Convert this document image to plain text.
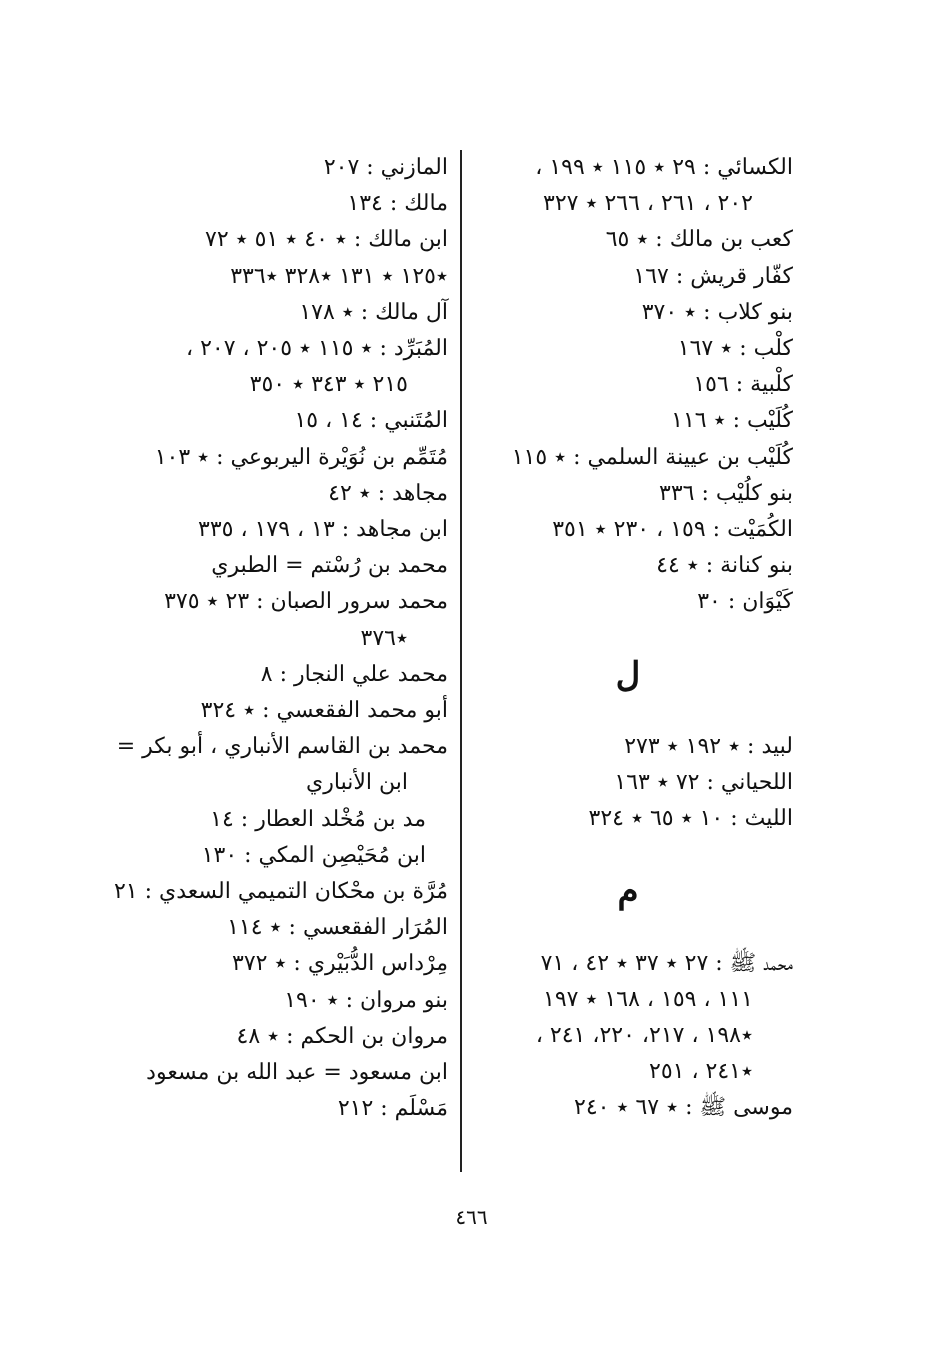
الكسائي : ٢٩ ٭ ١١٥ ٭ ١٩٩ ،
٢٠٢ ، ٢٦١ ، ٢٦٦ ٭ ٣٢٧
كعب بن مالك : ٭ ٦٥
كفّار قريش : ١٦٧
بنو كلاب : ٭ ٣٧٠
كلْب : ٭ ١٦٧
كلْبية : ١٥٦
كُلَيْب : ٭ ١١٦
كُلَيْب بن عيينة السلمي : ٭ ١١٥
بنو كلُيْب : ٣٣٦
الكُمَيْت : ١٥٩ ، ٢٣٠ ٭ ٣٥١
بنو كنانة : ٭ ٤٤
كَيْوَان : ٣٠
ل
لبيد : ٭ ١٩٢ ٭ ٢٧٣
اللحياني : ٧٢ ٭ ١٦٣
الليث : ١٠ ٭ ٦٥ ٭ ٣٢٤
م
محمد ﷺ : ٢٧ ٭ ٣٧ ٭ ٤٢ ، ٧١
١١١ ، ١٥٩ ، ١٦٨ ٭ ١٩٧
٭١٩٨ ، ٢١٧، ٢٢٠، ٢٤١ ،
٭٢٤١ ، ٢٥١
موسى ﷺ : ٭ ٦٧ ٭ ٢٤٠
المازني : ٢٠٧
مالك : ١٣٤
ابن مالك : ٭ ٤٠ ٭ ٥١ ٭ ٧٢
٭١٢٥ ٭ ١٣١ ٭٣٢٨ ٭٣٣٦
آل مالك : ٭ ١٧٨
المُبَرِّد : ٭ ١١٥ ٭ ٢٠٥ ، ٢٠٧ ،
٢١٥ ٭ ٣٤٣ ٭ ٣٥٠
المُتَنبي : ١٤ ، ١٥
مُتَمِّم بن نُوَيْرة اليربوعي : ٭ ١٠٣
مجاهد : ٭ ٤٢
ابن مجاهد : ١٣ ، ١٧٩ ، ٣٣٥
محمد بن رُسْتم = الطبري
محمد سرور الصبان : ٢٣ ٭ ٣٧٥
٭٣٧٦
محمد علي النجار : ٨
أبو محمد الفقعسي : ٭ ٣٢٤
محمد بن القاسم الأنباري ، أبو بكر =
ابن الأنباري
مد بن مُخْلد العطار : ١٤
ابن مُحَيْصِن المكي : ١٣٠
مُرَّة بن محْكان التميمي السعدي : ٢١
المُرَار الفقعسي : ٭ ١١٤
مِرْداس الدُّبَيْري : ٭ ٣٧٢
بنو مروان : ٭ ١٩٠
مروان بن الحكم : ٭ ٤٨
ابن مسعود = عبد الله بن مسعود
مَسْلَم : ٢١٢
٤٦٦
